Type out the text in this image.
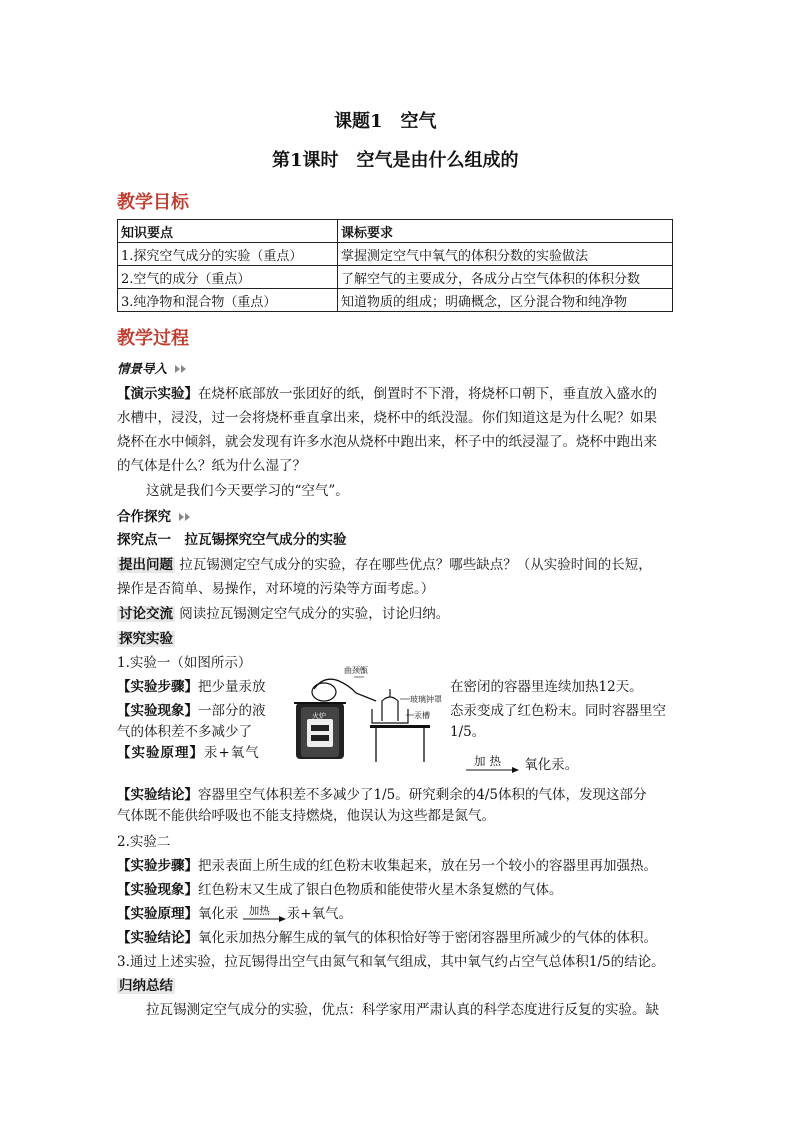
课题1　空气
第1课时　空气是由什么组成的
教学目标
知识要点	课标要求
1.探究空气成分的实验（重点）	掌握测定空气中氧气的体积分数的实验做法
2.空气的成分（重点）	了解空气的主要成分，各成分占空气体积的体积分数
3.纯净物和混合物（重点）	知道物质的组成；明确概念，区分混合物和纯净物
教学过程
情景导入
【演示实验】在烧杯底部放一张团好的纸，倒置时不下滑，将烧杯口朝下，垂直放入盛水的
水槽中，浸没，过一会将烧杯垂直拿出来，烧杯中的纸没湿。你们知道这是为什么呢？如果
烧杯在水中倾斜，就会发现有许多水泡从烧杯中跑出来，杯子中的纸浸湿了。烧杯中跑出来
的气体是什么？纸为什么湿了？
这就是我们今天要学习的“空气”。
合作探究
探究点一　拉瓦锡探究空气成分的实验
提出问题 拉瓦锡测定空气成分的实验，存在哪些优点？哪些缺点？（从实验时间的长短，
操作是否简单、易操作，对环境的污染等方面考虑。）
讨论交流 阅读拉瓦锡测定空气成分的实验，讨论归纳。
探究实验
1.实验一（如图所示）
【实验步骤】把少量汞放	在密闭的容器里连续加热12天。
【实验现象】一部分的液	态汞变成了红色粉末。同时容器里空
气的体积差不多减少了	1/5。
【实验原理】汞+氧气	加热 氧化汞。
曲颈甑
玻璃钟罩
汞槽
火炉
【实验结论】容器里空气体积差不多减少了1/5。研究剩余的4/5体积的气体，发现这部分
气体既不能供给呼吸也不能支持燃烧，他误认为这些都是氮气。
2.实验二
【实验步骤】把汞表面上所生成的红色粉末收集起来，放在另一个较小的容器里再加强热。
【实验现象】红色粉末又生成了银白色物质和能使带火星木条复燃的气体。
【实验原理】氧化汞 加热 汞+氧气。
【实验结论】氧化汞加热分解生成的氧气的体积恰好等于密闭容器里所减少的气体的体积。
3.通过上述实验，拉瓦锡得出空气由氮气和氧气组成，其中氧气约占空气总体积1/5的结论。
归纳总结
拉瓦锡测定空气成分的实验，优点：科学家用严肃认真的科学态度进行反复的实验。缺
